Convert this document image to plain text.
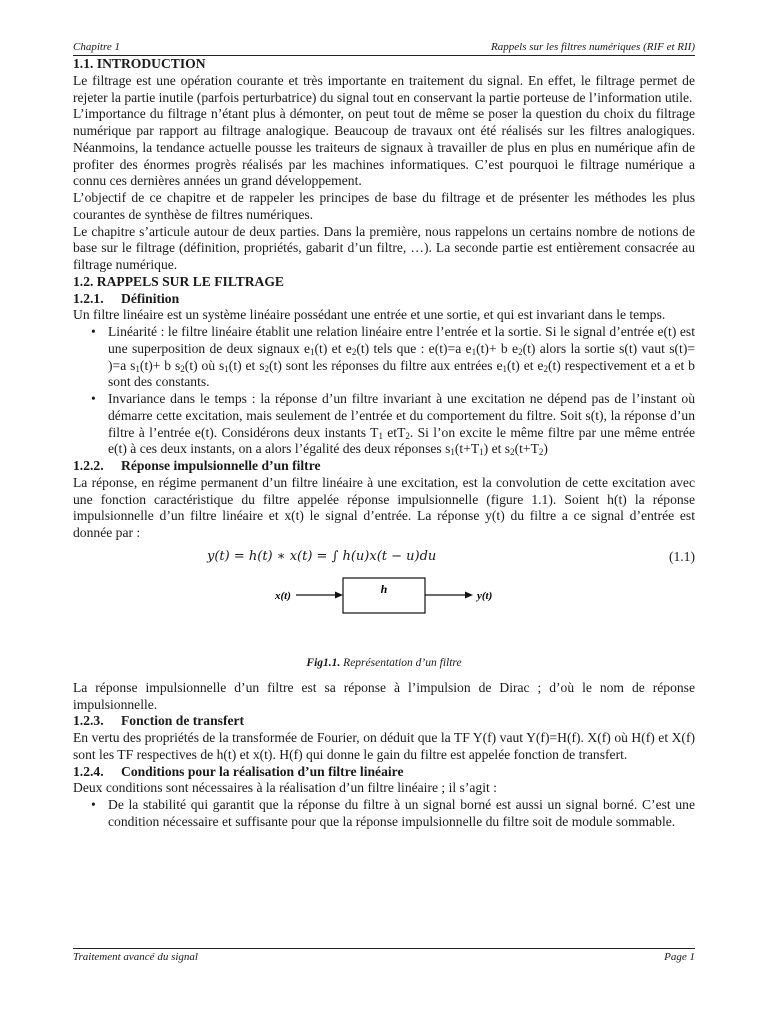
Chapitre 1	Rappels sur les filtres numériques (RIF et RII)

1.1. INTRODUCTION

Le filtrage est une opération courante et très importante en traitement du signal. En effet, le filtrage permet de rejeter la partie inutile (parfois perturbatrice) du signal tout en conservant la partie porteuse de l’information utile.

L’importance du filtrage n’étant plus à démonter, on peut tout de même se poser la question du choix du filtrage numérique par rapport au filtrage analogique. Beaucoup de travaux ont été réalisés sur les filtres analogiques. Néanmoins, la tendance actuelle pousse les traiteurs de signaux à travailler de plus en plus en numérique afin de profiter des énormes progrès réalisés par les machines informatiques. C’est pourquoi le filtrage numérique a connu ces dernières années un grand développement.

L’objectif de ce chapitre et de rappeler les principes de base du filtrage et de présenter les méthodes les plus courantes de synthèse de filtres numériques.

Le chapitre s’articule autour de deux parties. Dans la première, nous rappelons un certains nombre de notions de base sur le filtrage (définition, propriétés, gabarit d’un filtre, …). La seconde partie est entièrement consacrée au filtrage numérique.

1.2. RAPPELS SUR LE FILTRAGE

1.2.1. Définition

Un filtre linéaire est un système linéaire possédant une entrée et une sortie, et qui est invariant dans le temps.

• Linéarité : le filtre linéaire établit une relation linéaire entre l’entrée et la sortie. Si le signal d’entrée e(t) est une superposition de deux signaux $e_1(t)$ et $e_2(t)$ tels que : e(t)=a $e_1(t)+ b$ $e_2(t)$ alors la sortie s(t) vaut s(t)= )=a $s_1(t)+ b$ $s_2(t)$ où $s_1(t)$ et $s_2(t)$ sont les réponses du filtre aux entrées $e_1(t)$ et $e_2(t)$ respectivement et a et b sont des constants.
• Invariance dans le temps : la réponse d’un filtre invariant à une excitation ne dépend pas de l’instant où démarre cette excitation, mais seulement de l’entrée et du comportement du filtre. Soit s(t), la réponse d’un filtre à l’entrée e(t). Considérons deux instants $T_1$ etT$_2$. Si l’on excite le même filtre par une même entrée e(t) à ces deux instants, on a alors l’égalité des deux réponses $s_1(t+T_1)$ et $s_2(t+T_2)$

1.2.2. Réponse impulsionnelle d’un filtre

La réponse, en régime permanent d’un filtre linéaire à une excitation, est la convolution de cette excitation avec une fonction caractéristique du filtre appelée réponse impulsionnelle (figure 1.1). Soient h(t) la réponse impulsionnelle d’un filtre linéaire et x(t) le signal d’entrée. La réponse y(t) du filtre a ce signal d’entrée est donnée par :

y(t) = h(t) ∗ x(t) = ∫ h(u)x(t − u)du	(1.1)
x(t)	h	y(t)
Fig1.1. Représentation d’un filtre

La réponse impulsionnelle d’un filtre est sa réponse à l’impulsion de Dirac ; d’où le nom de réponse impulsionnelle.

1.2.3. Fonction de transfert

En vertu des propriétés de la transformée de Fourier, on déduit que la TF Y(f) vaut Y(f)=H(f). X(f) où H(f) et X(f) sont les TF respectives de h(t) et x(t). H(f) qui donne le gain du filtre est appelée fonction de transfert.

1.2.4. Conditions pour la réalisation d’un filtre linéaire

Deux conditions sont nécessaires à la réalisation d’un filtre linéaire ; il s’agit :

• De la stabilité qui garantit que la réponse du filtre à un signal borné est aussi un signal borné. C’est une condition nécessaire et suffisante pour que la réponse impulsionnelle du filtre soit de module sommable.
Traitement avancé du signal	Page 1
